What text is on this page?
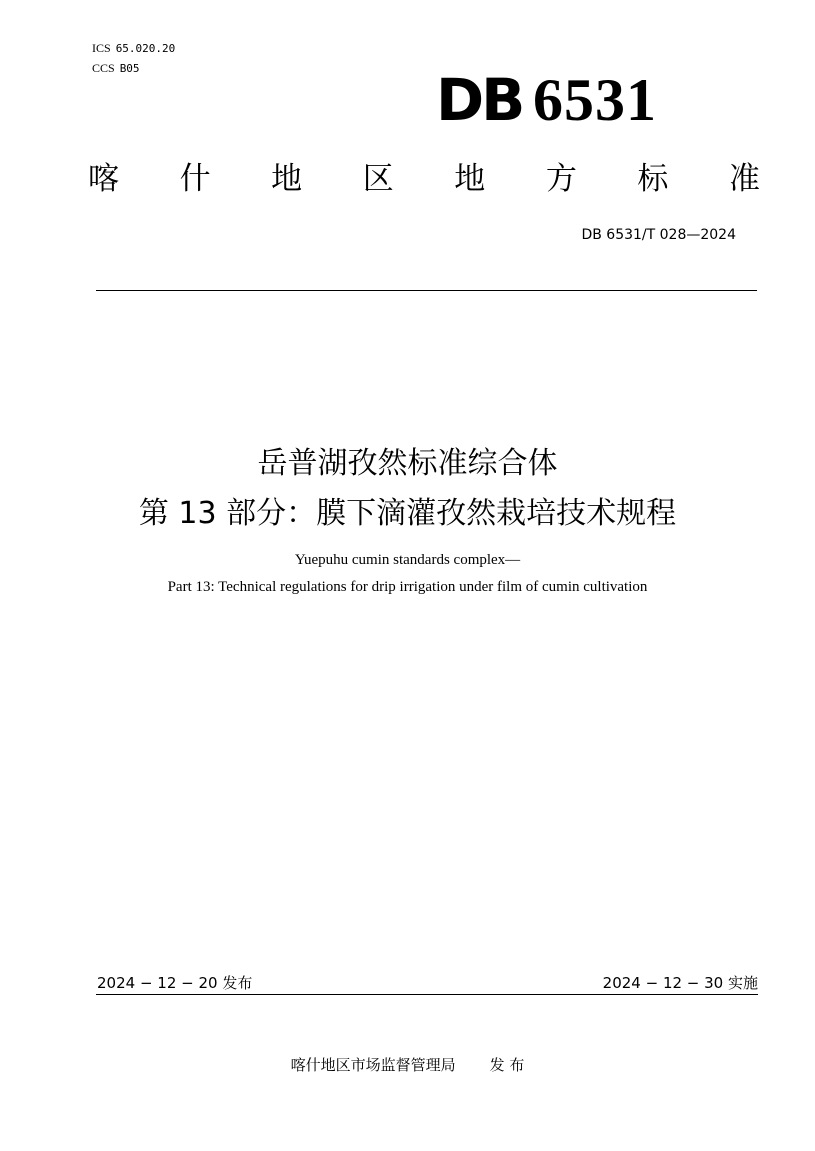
ICS 65.020.20
CCS B05	DB 6531
喀 什 地 区 地 方 标 准
DB 6531/T 028—2024
岳普湖孜然标准综合体
第 13 部分：膜下滴灌孜然栽培技术规程
Yuepuhu cumin standards complex—
Part 13: Technical regulations for drip irrigation under film of cumin cultivation
2024 − 12 − 20 发布	2024 − 12 − 30 实施
喀什地区市场监督管理局 发 布
